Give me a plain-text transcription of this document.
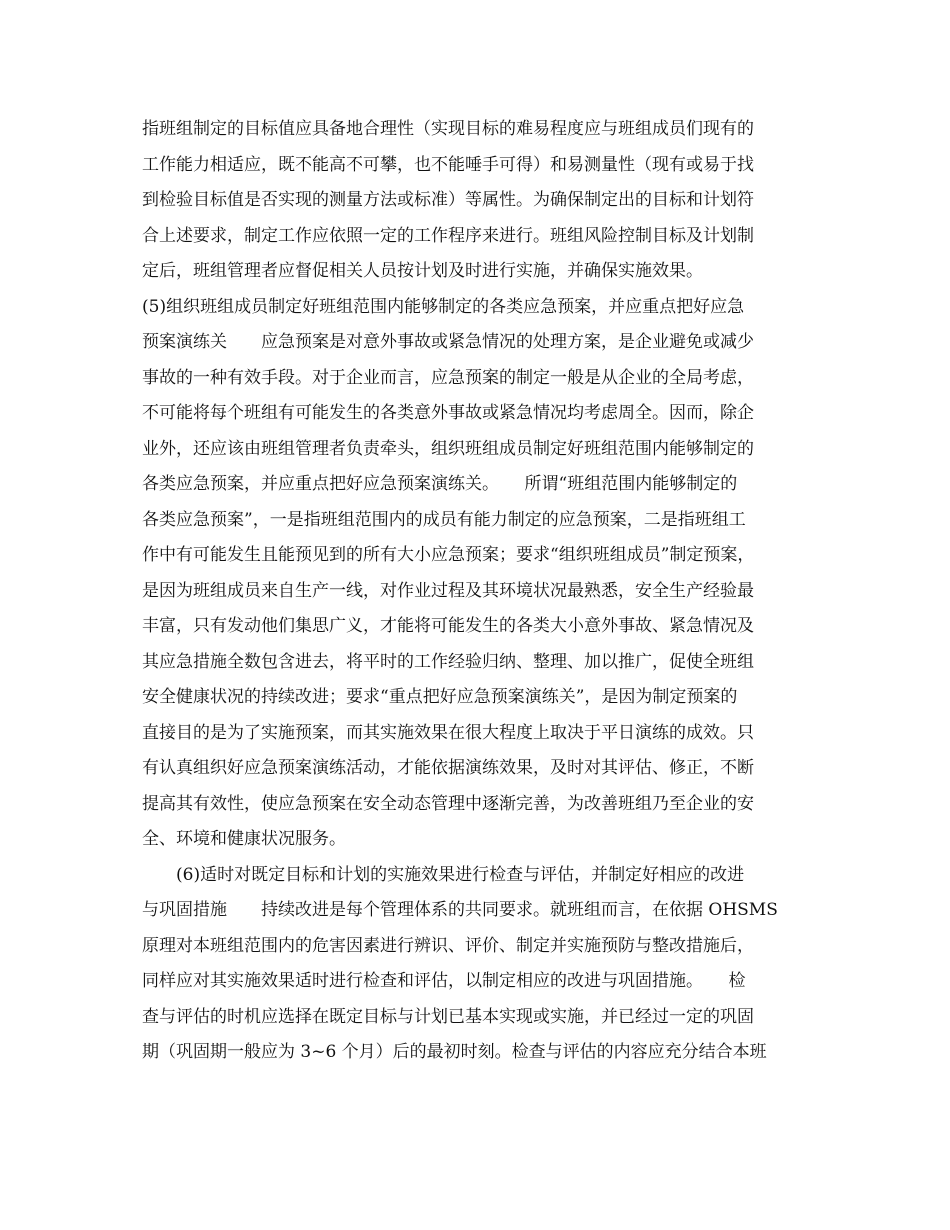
指班组制定的目标值应具备地合理性（实现目标的难易程度应与班组成员们现有的
工作能力相适应，既不能高不可攀，也不能唾手可得）和易测量性（现有或易于找
到检验目标值是否实现的测量方法或标准）等属性。为确保制定出的目标和计划符
合上述要求，制定工作应依照一定的工作程序来进行。班组风险控制目标及计划制
定后，班组管理者应督促相关人员按计划及时进行实施，并确保实施效果。
(5)组织班组成员制定好班组范围内能够制定的各类应急预案，并应重点把好应急
预案演练关　　应急预案是对意外事故或紧急情况的处理方案，是企业避免或减少
事故的一种有效手段。对于企业而言，应急预案的制定一般是从企业的全局考虑，
不可能将每个班组有可能发生的各类意外事故或紧急情况均考虑周全。因而，除企
业外，还应该由班组管理者负责牵头，组织班组成员制定好班组范围内能够制定的
各类应急预案，并应重点把好应急预案演练关。　　所谓“班组范围内能够制定的
各类应急预案”，一是指班组范围内的成员有能力制定的应急预案，二是指班组工
作中有可能发生且能预见到的所有大小应急预案；要求“组织班组成员”制定预案，
是因为班组成员来自生产一线，对作业过程及其环境状况最熟悉，安全生产经验最
丰富，只有发动他们集思广义，才能将可能发生的各类大小意外事故、紧急情况及
其应急措施全数包含进去，将平时的工作经验归纳、整理、加以推广，促使全班组
安全健康状况的持续改进；要求“重点把好应急预案演练关”，是因为制定预案的
直接目的是为了实施预案，而其实施效果在很大程度上取决于平日演练的成效。只
有认真组织好应急预案演练活动，才能依据演练效果，及时对其评估、修正，不断
提高其有效性，使应急预案在安全动态管理中逐渐完善，为改善班组乃至企业的安
全、环境和健康状况服务。
　　(6)适时对既定目标和计划的实施效果进行检查与评估，并制定好相应的改进
与巩固措施　　持续改进是每个管理体系的共同要求。就班组而言，在依据 OHSMS
原理对本班组范围内的危害因素进行辨识、评价、制定并实施预防与整改措施后，
同样应对其实施效果适时进行检查和评估，以制定相应的改进与巩固措施。　　检
查与评估的时机应选择在既定目标与计划已基本实现或实施，并已经过一定的巩固
期（巩固期一般应为 3~6 个月）后的最初时刻。检查与评估的内容应充分结合本班
